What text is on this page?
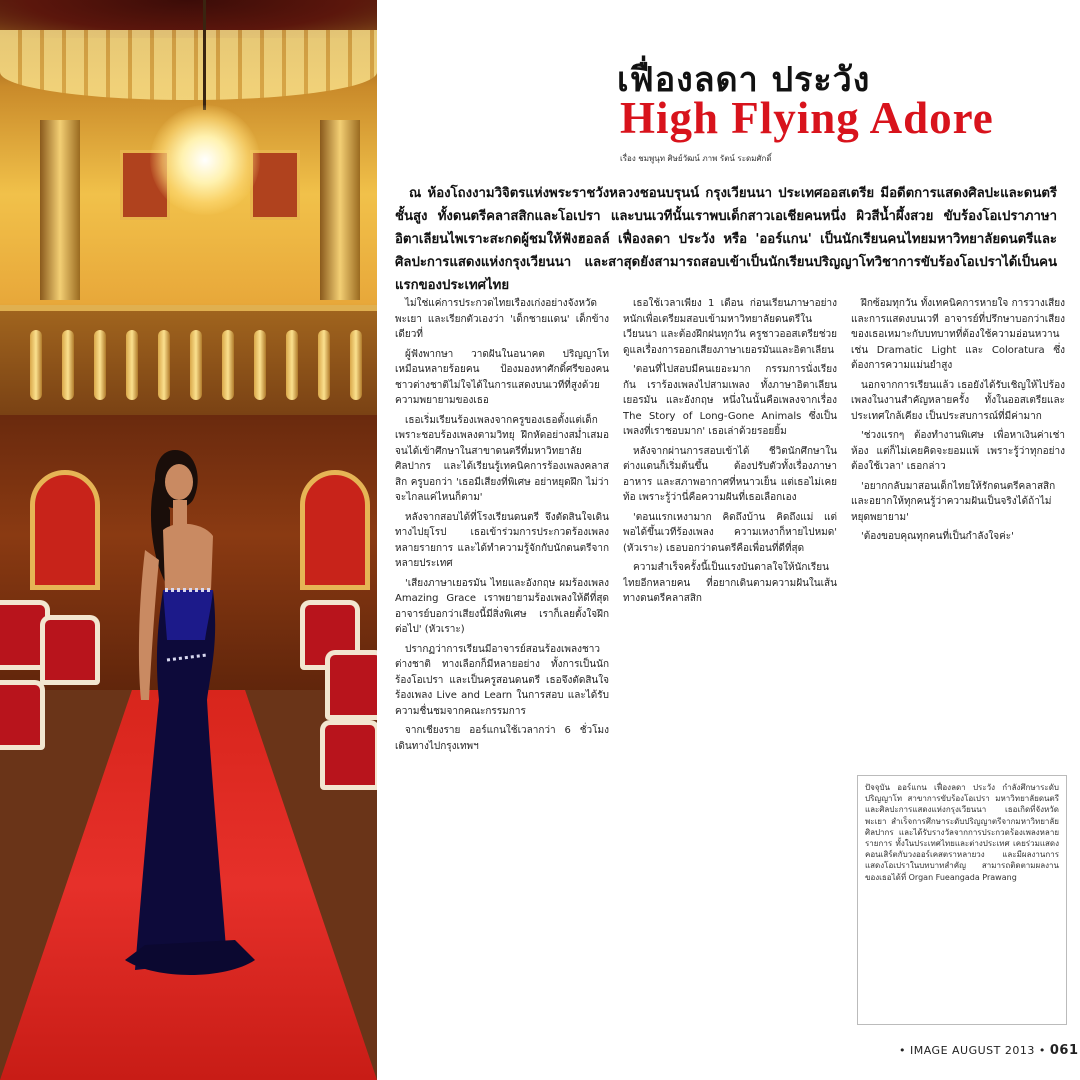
เฟื่องลดา ประวัง
High Flying Adore
เรื่อง ชมพูนุท ศิษย์วัฒน์ ภาพ รัตน์ ระดมศักดิ์
ณ ห้องโถงงามวิจิตรแห่งพระราชวังหลวงชอนบรุนน์ กรุงเวียนนา ประเทศออสเตรีย มีอดีตการแสดงศิลปะและดนตรีชั้นสูง ทั้งดนตรีคลาสสิกและโอเปรา และบนเวทีนั้นเราพบเด็กสาวเอเชียคนหนึ่ง ผิวสีน้ำผึ้งสวย ขับร้องโอเปราภาษาอิตาเลียนไพเราะสะกดผู้ชมให้ฟังฮอลล์ เฟื่องลดา ประวัง หรือ 'ออร์แกน' เป็นนักเรียนคนไทยมหาวิทยาลัยดนตรีและศิลปะการแสดงแห่งกรุงเวียนนา และสาสุดยังสามารถสอบเข้าเป็นนักเรียนปริญญาโทวิชาการขับร้องโอเปราได้เป็นคนแรกของประเทศไทย

ไม่ใช่แค่การประกวดไทยเรืองเก่งอย่างจังหวัดพะเยา และเรียกตัวเองว่า 'เด็กชายแดน' เด็กข้างเดียวที่

ผู้ฟังพากษา วาดฝันในอนาคต ปริญญาโทเหมือนหลายร้อยคน ป้องมองหาศักดิ์ศรีของคนชาวต่างชาติไม่ใจได้ในการแสดงบนเวทีที่สูงด้วยความพยายามของเธอ

เธอเริ่มเรียนร้องเพลงจากครูของเธอตั้งแต่เด็ก เพราะชอบร้องเพลงตามวิทยุ ฝึกหัดอย่างสม่ำเสมอจนได้เข้าศึกษาในสาขาดนตรีที่มหาวิทยาลัยศิลปากร และได้เรียนรู้เทคนิคการร้องเพลงคลาสสิก ครูบอกว่า 'เธอมีเสียงที่พิเศษ อย่าหยุดฝึก ไม่ว่าจะไกลแค่ไหนก็ตาม'

หลังจากสอบได้ที่โรงเรียนดนตรี จึงตัดสินใจเดินทางไปยุโรป เธอเข้าร่วมการประกวดร้องเพลงหลายรายการ และได้ทำความรู้จักกับนักดนตรีจากหลายประเทศ

'เสียงภาษาเยอรมัน ไทยและอังกฤษ ผมร้องเพลง Amazing Grace เราพยายามร้องเพลงให้ดีที่สุด อาจารย์บอกว่าเสียงนี้มีสิ่งพิเศษ เราก็เลยตั้งใจฝึกต่อไป' (หัวเราะ)

ปรากฏว่าการเรียนมีอาจารย์สอนร้องเพลงชาวต่างชาติ ทางเลือกก็มีหลายอย่าง ทั้งการเป็นนักร้องโอเปรา และเป็นครูสอนดนตรี เธอจึงตัดสินใจร้องเพลง Live and Learn ในการสอบ และได้รับความชื่นชมจากคณะกรรมการ

จากเชียงราย ออร์แกนใช้เวลากว่า 6 ชั่วโมง เดินทางไปกรุงเทพฯ

เธอใช้เวลาเพียง 1 เดือน ก่อนเรียนภาษาอย่างหนักเพื่อเตรียมสอบเข้ามหาวิทยาลัยดนตรีในเวียนนา และต้องฝึกฝนทุกวัน ครูชาวออสเตรียช่วยดูแลเรื่องการออกเสียงภาษาเยอรมันและอิตาเลียน

'ตอนที่ไปสอบมีคนเยอะมาก กรรมการนั่งเรียงกัน เราร้องเพลงไปสามเพลง ทั้งภาษาอิตาเลียน เยอรมัน และอังกฤษ หนึ่งในนั้นคือเพลงจากเรื่อง The Story of Long-Gone Animals ซึ่งเป็นเพลงที่เราชอบมาก' เธอเล่าด้วยรอยยิ้ม

หลังจากผ่านการสอบเข้าได้ ชีวิตนักศึกษาในต่างแดนก็เริ่มต้นขึ้น ต้องปรับตัวทั้งเรื่องภาษา อาหาร และสภาพอากาศที่หนาวเย็น แต่เธอไม่เคยท้อ เพราะรู้ว่านี่คือความฝันที่เธอเลือกเอง

'ตอนแรกเหงามาก คิดถึงบ้าน คิดถึงแม่ แต่พอได้ขึ้นเวทีร้องเพลง ความเหงาก็หายไปหมด' (หัวเราะ) เธอบอกว่าดนตรีคือเพื่อนที่ดีที่สุด

ความสำเร็จครั้งนี้เป็นแรงบันดาลใจให้นักเรียนไทยอีกหลายคน ที่อยากเดินตามความฝันในเส้นทางดนตรีคลาสสิก

ฝึกซ้อมทุกวัน ทั้งเทคนิคการหายใจ การวางเสียง และการแสดงบนเวที อาจารย์ที่ปรึกษาบอกว่าเสียงของเธอเหมาะกับบทบาทที่ต้องใช้ความอ่อนหวาน เช่น Dramatic Light และ Coloratura ซึ่งต้องการความแม่นยำสูง

นอกจากการเรียนแล้ว เธอยังได้รับเชิญให้ไปร้องเพลงในงานสำคัญหลายครั้ง ทั้งในออสเตรียและประเทศใกล้เคียง เป็นประสบการณ์ที่มีค่ามาก

'ช่วงแรกๆ ต้องทำงานพิเศษ เพื่อหาเงินค่าเช่าห้อง แต่ก็ไม่เคยคิดจะยอมแพ้ เพราะรู้ว่าทุกอย่างต้องใช้เวลา' เธอกล่าว

'อยากกลับมาสอนเด็กไทยให้รักดนตรีคลาสสิก และอยากให้ทุกคนรู้ว่าความฝันเป็นจริงได้ถ้าไม่หยุดพยายาม'

'ต้องขอบคุณทุกคนที่เป็นกำลังใจค่ะ'

ปัจจุบัน ออร์แกน เฟื่องลดา ประวัง กำลังศึกษาระดับปริญญาโท สาขาการขับร้องโอเปรา มหาวิทยาลัยดนตรีและศิลปะการแสดงแห่งกรุงเวียนนา เธอเกิดที่จังหวัดพะเยา สำเร็จการศึกษาระดับปริญญาตรีจากมหาวิทยาลัยศิลปากร และได้รับรางวัลจากการประกวดร้องเพลงหลายรายการ ทั้งในประเทศไทยและต่างประเทศ เคยร่วมแสดงคอนเสิร์ตกับวงออร์เคสตราหลายวง และมีผลงานการแสดงโอเปราในบทบาทสำคัญ สามารถติดตามผลงานของเธอได้ที่ Organ Fueangada Prawang
• IMAGE AUGUST 2013 • 061
